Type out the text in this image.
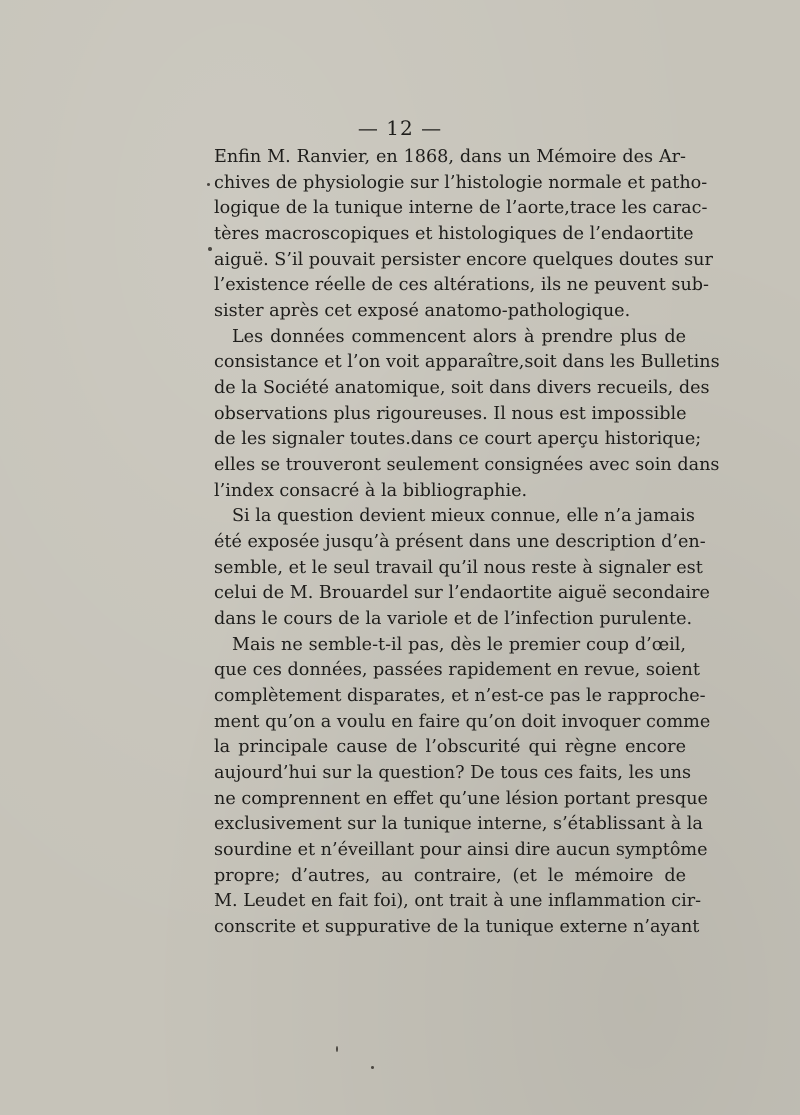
— 12 —
Enfin M. Ranvier, en 1868, dans un Mémoire des Ar-
chives de physiologie sur l’histologie normale et patho-
logique de la tunique interne de l’aorte,trace les carac-
tères macroscopiques et histologiques de l’endaortite
aiguë. S’il pouvait persister encore quelques doutes sur
l’existence réelle de ces altérations, ils ne peuvent sub-
sister après cet exposé anatomo-pathologique.
Les données commencent alors à prendre plus de
consistance et l’on voit apparaître,soit dans les Bulletins
de la Société anatomique, soit dans divers recueils, des
observations plus rigoureuses. Il nous est impossible
de les signaler toutes.dans ce court aperçu historique;
elles se trouveront seulement consignées avec soin dans
l’index consacré à la bibliographie.
Si la question devient mieux connue, elle n’a jamais
été exposée jusqu’à présent dans une description d’en-
semble, et le seul travail qu’il nous reste à signaler est
celui de M. Brouardel sur l’endaortite aiguë secondaire
dans le cours de la variole et de l’infection purulente.
Mais ne semble-t-il pas, dès le premier coup d’œil,
que ces données, passées rapidement en revue, soient
complètement disparates, et n’est-ce pas le rapproche-
ment qu’on a voulu en faire qu’on doit invoquer comme
la principale cause de l’obscurité qui règne encore
aujourd’hui sur la question? De tous ces faits, les uns
ne comprennent en effet qu’une lésion portant presque
exclusivement sur la tunique interne, s’établissant à la
sourdine et n’éveillant pour ainsi dire aucun symptôme
propre; d’autres, au contraire, (et le mémoire de
M. Leudet en fait foi), ont trait à une inflammation cir-
conscrite et suppurative de la tunique externe n’ayant
